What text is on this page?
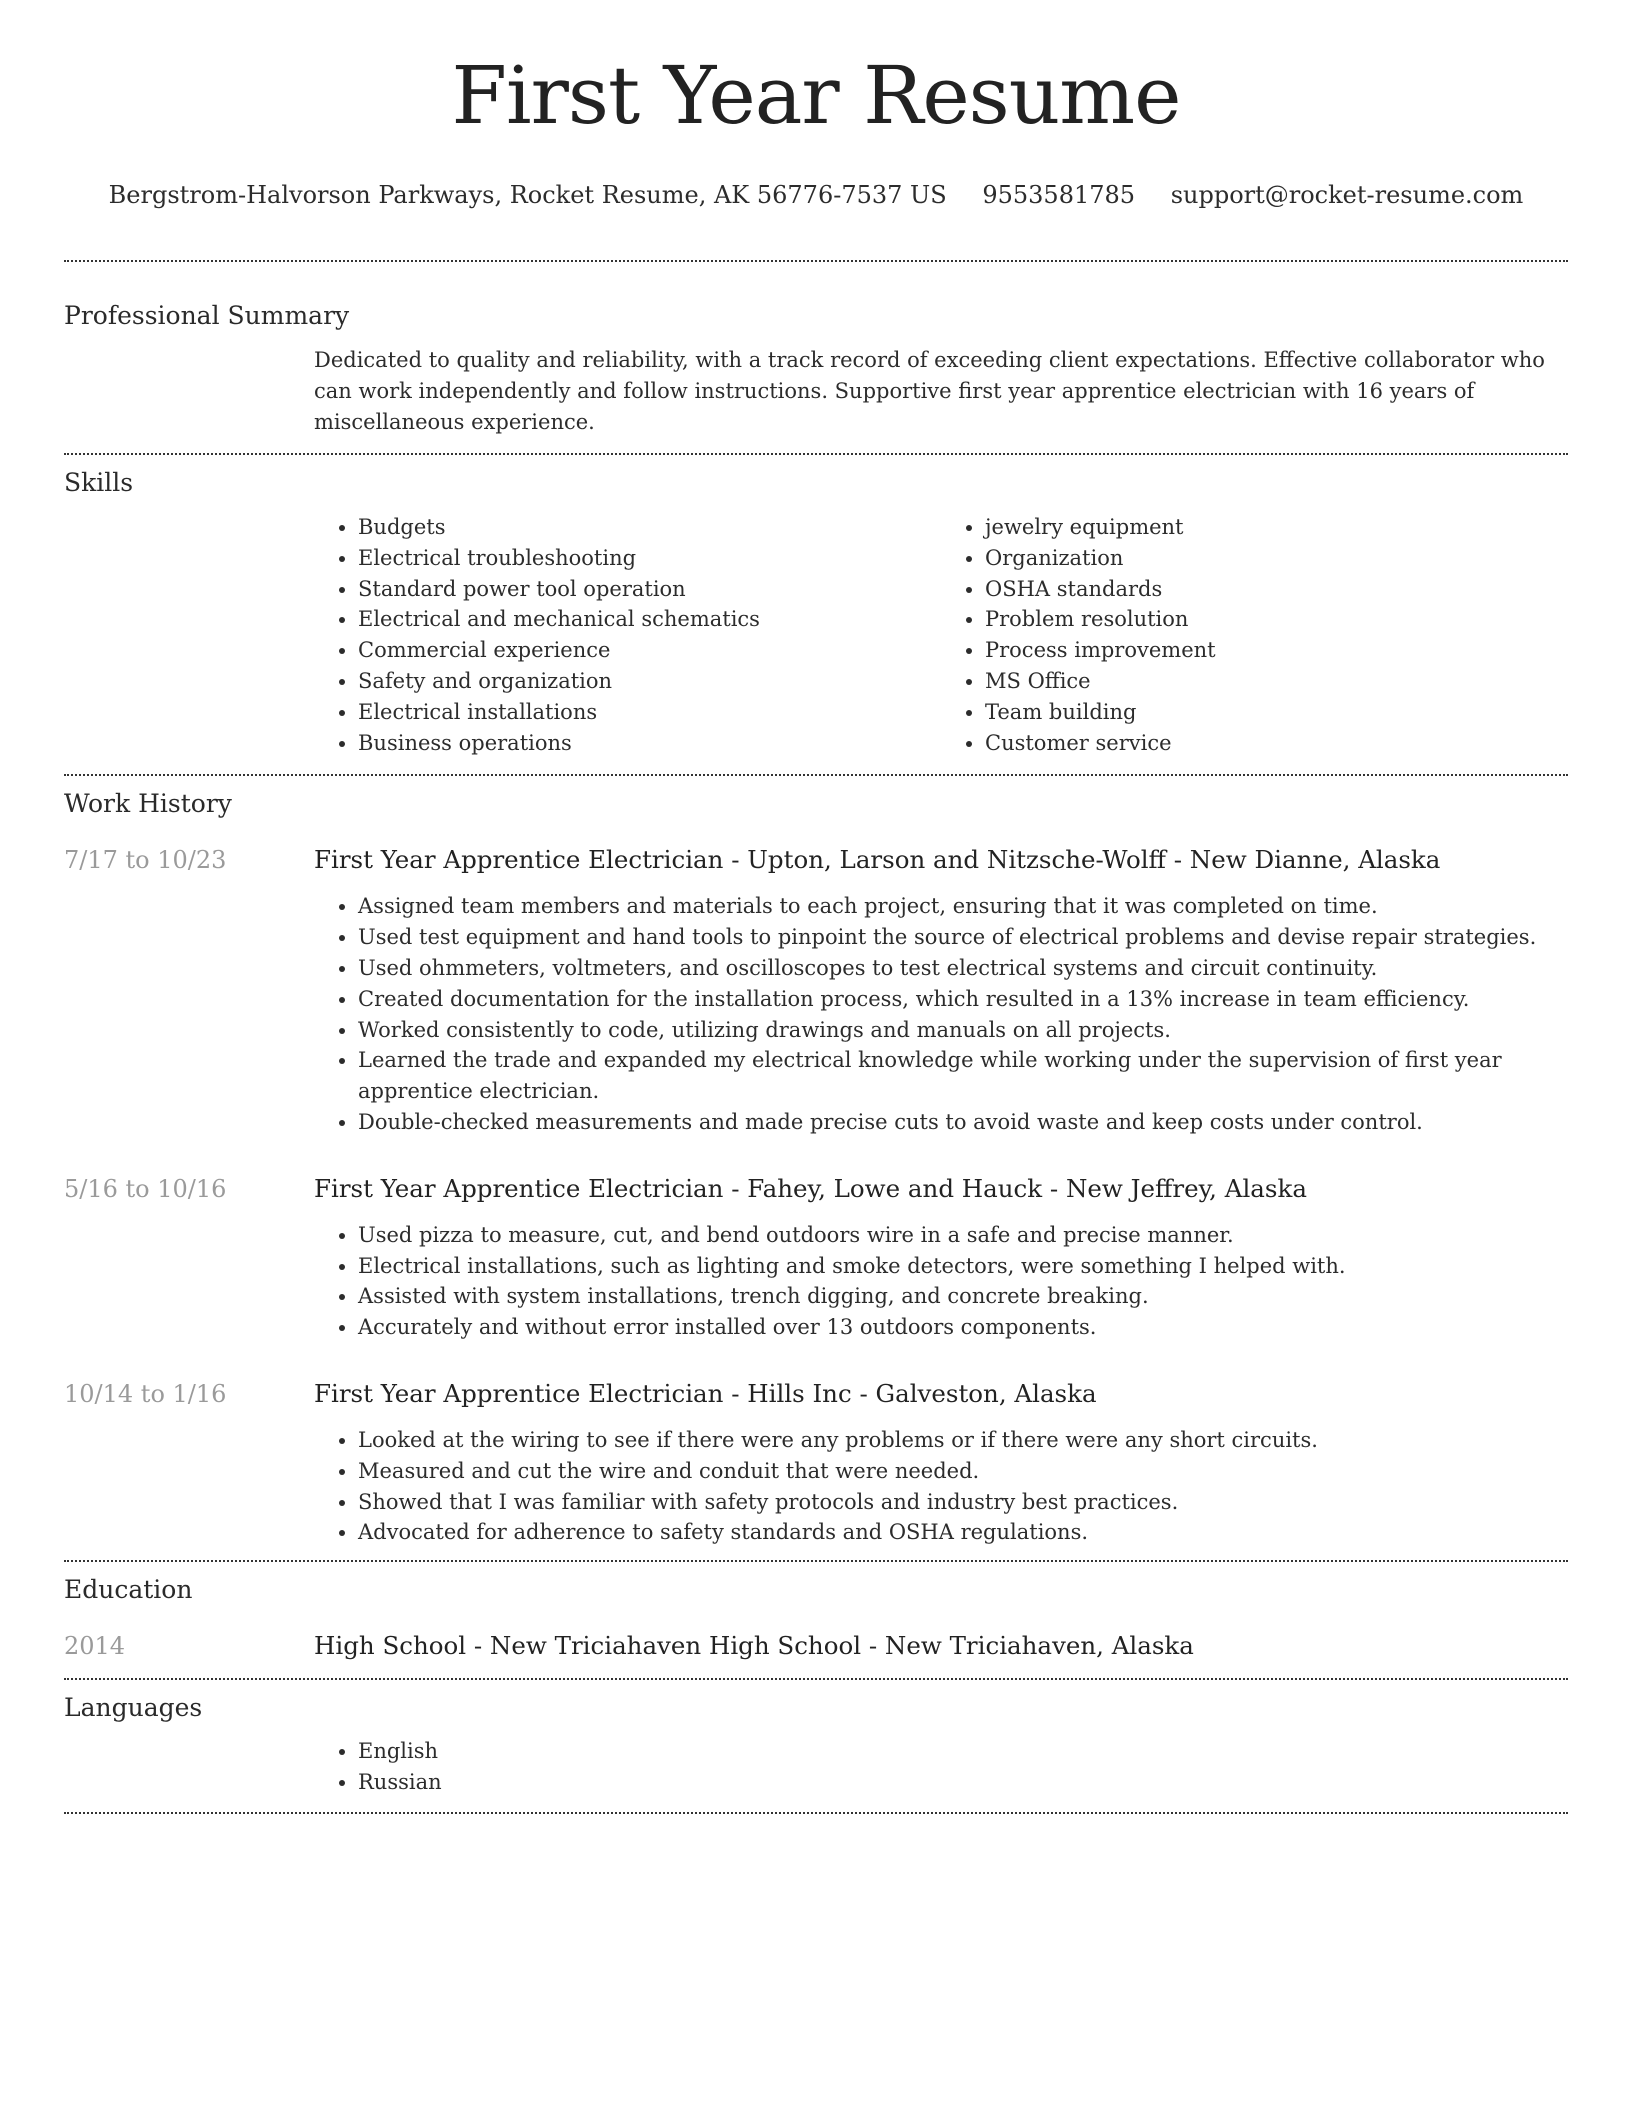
First Year Resume
Bergstrom-Halvorson Parkways, Rocket Resume, AK 56776-7537 US 9553581785 support@rocket-resume.com
Professional Summary

Dedicated to quality and reliability, with a track record of exceeding client expectations. Effective collaborator who can work independently and follow instructions. Supportive first year apprentice electrician with 16 years of miscellaneous experience.

Skills
• Budgets
• Electrical troubleshooting
• Standard power tool operation
• Electrical and mechanical schematics
• Commercial experience
• Safety and organization
• Electrical installations
• Business operations
• jewelry equipment
• Organization
• OSHA standards
• Problem resolution
• Process improvement
• MS Office
• Team building
• Customer service
Work History
7/17 to 10/23	First Year Apprentice Electrician - Upton, Larson and Nitzsche-Wolff - New Dianne, Alaska
• Assigned team members and materials to each project, ensuring that it was completed on time.
• Used test equipment and hand tools to pinpoint the source of electrical problems and devise repair strategies.
• Used ohmmeters, voltmeters, and oscilloscopes to test electrical systems and circuit continuity.
• Created documentation for the installation process, which resulted in a 13% increase in team efficiency.
• Worked consistently to code, utilizing drawings and manuals on all projects.
• Learned the trade and expanded my electrical knowledge while working under the supervision of first year apprentice electrician.
• Double-checked measurements and made precise cuts to avoid waste and keep costs under control.
5/16 to 10/16	First Year Apprentice Electrician - Fahey, Lowe and Hauck - New Jeffrey, Alaska
• Used pizza to measure, cut, and bend outdoors wire in a safe and precise manner.
• Electrical installations, such as lighting and smoke detectors, were something I helped with.
• Assisted with system installations, trench digging, and concrete breaking.
• Accurately and without error installed over 13 outdoors components.
10/14 to 1/16	First Year Apprentice Electrician - Hills Inc - Galveston, Alaska
• Looked at the wiring to see if there were any problems or if there were any short circuits.
• Measured and cut the wire and conduit that were needed.
• Showed that I was familiar with safety protocols and industry best practices.
• Advocated for adherence to safety standards and OSHA regulations.
Education
2014	High School - New Triciahaven High School - New Triciahaven, Alaska
Languages
• English
• Russian
